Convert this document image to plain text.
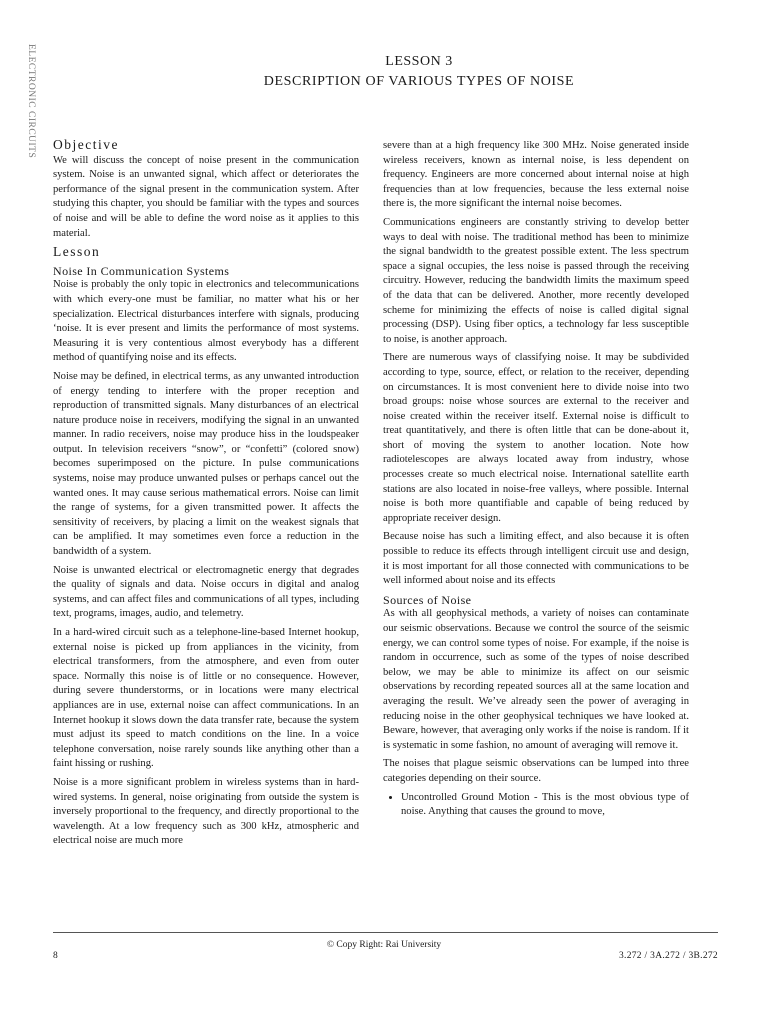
ELECTRONIC CIRCUITS	LESSON 3
DESCRIPTION OF VARIOUS TYPES OF NOISE
Objective

We will discuss the concept of noise present in the communication system. Noise is an unwanted signal, which affect or deteriorates the performance of the signal present in the communication system. After studying this chapter, you should be familiar with the types and sources of noise and will be able to define the word noise as it applies to this material.

Lesson
Noise In Communication Systems

Noise is probably the only topic in electronics and telecommunications with which every-one must be familiar, no matter what his or her specialization. Electrical disturbances interfere with signals, producing ‘noise. It is ever present and limits the performance of most systems. Measuring it is very contentious almost everybody has a different method of quantifying noise and its effects.

Noise may be defined, in electrical terms, as any unwanted introduction of energy tending to interfere with the proper reception and reproduction of transmitted signals. Many disturbances of an electrical nature produce noise in receivers, modifying the signal in an unwanted manner. In radio receivers, noise may produce hiss in the loudspeaker output. In television receivers “snow”, or “confetti” (colored snow) becomes superimposed on the picture. In pulse communications systems, noise may produce unwanted pulses or perhaps cancel out the wanted ones. It may cause serious mathematical errors. Noise can limit the range of systems, for a given transmitted power. It affects the sensitivity of receivers, by placing a limit on the weakest signals that can be amplified. It may sometimes even force a reduction in the bandwidth of a system.

Noise is unwanted electrical or electromagnetic energy that degrades the quality of signals and data. Noise occurs in digital and analog systems, and can affect files and communications of all types, including text, programs, images, audio, and telemetry.

In a hard-wired circuit such as a telephone-line-based Internet hookup, external noise is picked up from appliances in the vicinity, from electrical transformers, from the atmosphere, and even from outer space. Normally this noise is of little or no consequence. However, during severe thunderstorms, or in locations were many electrical appliances are in use, external noise can affect communications. In an Internet hookup it slows down the data transfer rate, because the system must adjust its speed to match conditions on the line. In a voice telephone conversation, noise rarely sounds like anything other than a faint hissing or rushing.

Noise is a more significant problem in wireless systems than in hard-wired systems. In general, noise originating from outside the system is inversely proportional to the frequency, and directly proportional to the wavelength. At a low frequency such as 300 kHz, atmospheric and electrical noise are much more

severe than at a high frequency like 300 MHz. Noise generated inside wireless receivers, known as internal noise, is less dependent on frequency. Engineers are more concerned about internal noise at high frequencies than at low frequencies, because the less external noise there is, the more significant the internal noise becomes.

Communications engineers are constantly striving to develop better ways to deal with noise. The traditional method has been to minimize the signal bandwidth to the greatest possible extent. The less spectrum space a signal occupies, the less noise is passed through the receiving circuitry. However, reducing the bandwidth limits the maximum speed of the data that can be delivered. Another, more recently developed scheme for minimizing the effects of noise is called digital signal processing (DSP). Using fiber optics, a technology far less susceptible to noise, is another approach.

There are numerous ways of classifying noise. It may be subdivided according to type, source, effect, or relation to the receiver, depending on circumstances. It is most convenient here to divide noise into two broad groups: noise whose sources are external to the receiver and noise created within the receiver itself. External noise is difficult to treat quantitatively, and there is often little that can be done-about it, short of moving the system to another location. Note how radiotelescopes are always located away from industry, whose processes create so much electrical noise. International satellite earth stations are also located in noise-free valleys, where possible. Internal noise is both more quantifiable and capable of being reduced by appropriate receiver design.

Because noise has such a limiting effect, and also because it is often possible to reduce its effects through intelligent circuit use and design, it is most important for all those connected with communications to be well informed about noise and its effects

Sources of Noise

As with all geophysical methods, a variety of noises can contaminate our seismic observations. Because we control the source of the seismic energy, we can control some types of noise. For example, if the noise is random in occurrence, such as some of the types of noise described below, we may be able to minimize its affect on our seismic observations by recording repeated sources all at the same location and averaging the result. We’ve already seen the power of averaging in reducing noise in the other geophysical techniques we have looked at. Beware, however, that averaging only works if the noise is random. If it is systematic in some fashion, no amount of averaging will remove it.

The noises that plague seismic observations can be lumped into three categories depending on their source.

• Uncontrolled Ground Motion - This is the most obvious type of noise. Anything that causes the ground to move,
© Copy Right: Rai University
8	3.272 / 3A.272 / 3B.272
